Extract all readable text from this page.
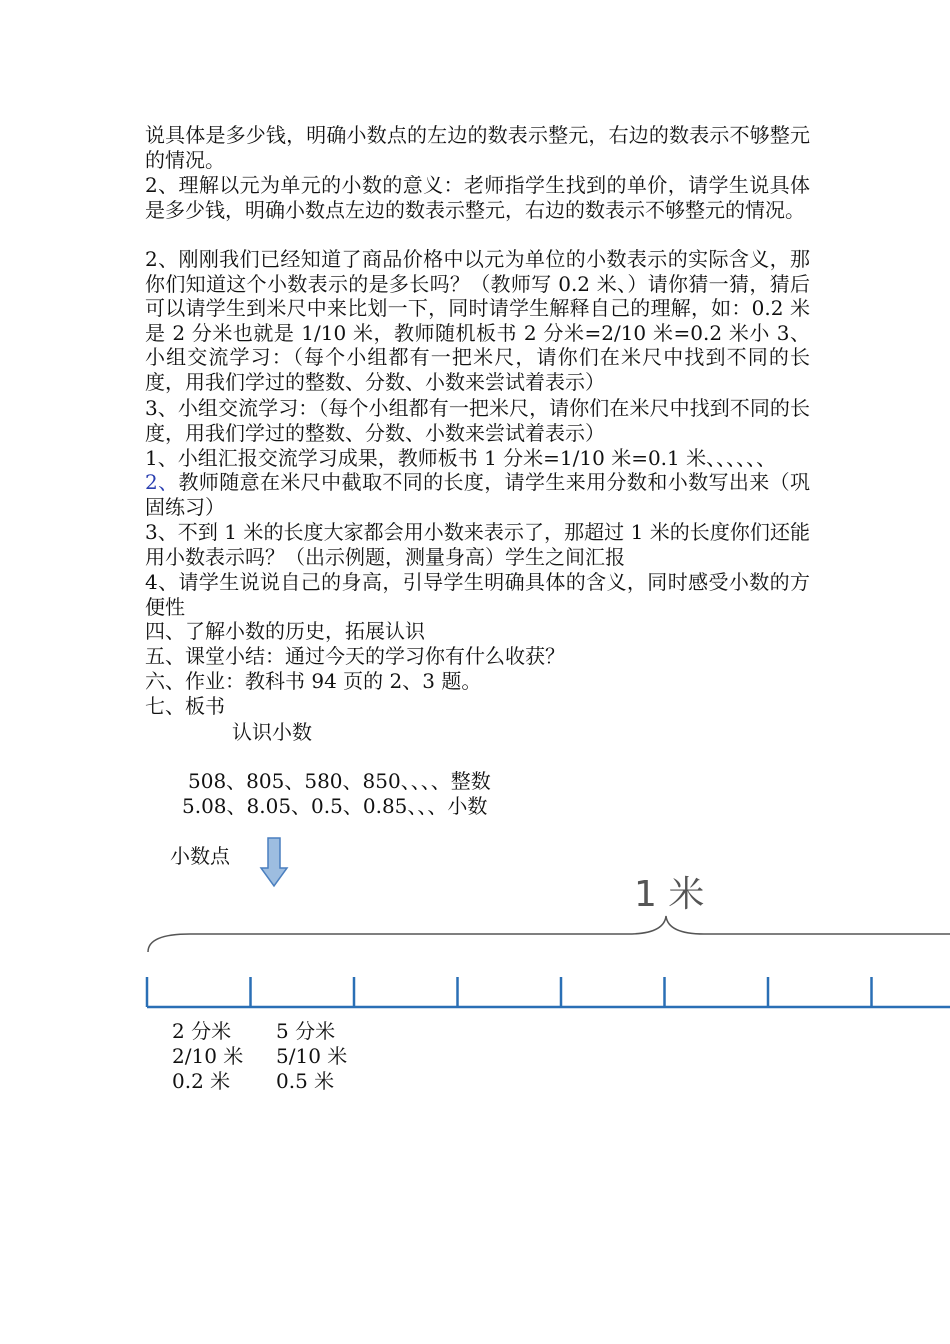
说具体是多少钱，明确小数点的左边的数表示整元，右边的数表示不够整元的情况。

2、理解以元为单元的小数的意义：老师指学生找到的单价，请学生说具体是多少钱，明确小数点左边的数表示整元，右边的数表示不够整元的情况。

2、刚刚我们已经知道了商品价格中以元为单位的小数表示的实际含义，那你们知道这个小数表示的是多长吗？（教师写 0.2 米、）请你猜一猜，猜后可以请学生到米尺中来比划一下，同时请学生解释自己的理解，如：0.2 米是 2 分米也就是 1/10 米，教师随机板书 2 分米=2/10 米=0.2 米小 3、小组交流学习：（每个小组都有一把米尺，请你们在米尺中找到不同的长度，用我们学过的整数、分数、小数来尝试着表示）

3、小组交流学习：（每个小组都有一把米尺，请你们在米尺中找到不同的长度，用我们学过的整数、分数、小数来尝试着表示）

1、小组汇报交流学习成果，教师板书 1 分米=1/10 米=0.1 米、、、、、、

2、教师随意在米尺中截取不同的长度，请学生来用分数和小数写出来（巩固练习）

3、不到 1 米的长度大家都会用小数来表示了，那超过 1 米的长度你们还能用小数表示吗？（出示例题，测量身高）学生之间汇报

4、请学生说说自己的身高，引导学生明确具体的含义，同时感受小数的方便性

四、了解小数的历史，拓展认识

五、课堂小结：通过今天的学习你有什么收获？

六、作业：教科书 94 页的 2、3 题。

七、板书

认识小数

508、805、580、850、、、、整数

5.08、8.05、0.5、0.85、、、小数

小数点

1 米

2 分米

2/10 米

0.2 米

5 分米

5/10 米

0.5 米
